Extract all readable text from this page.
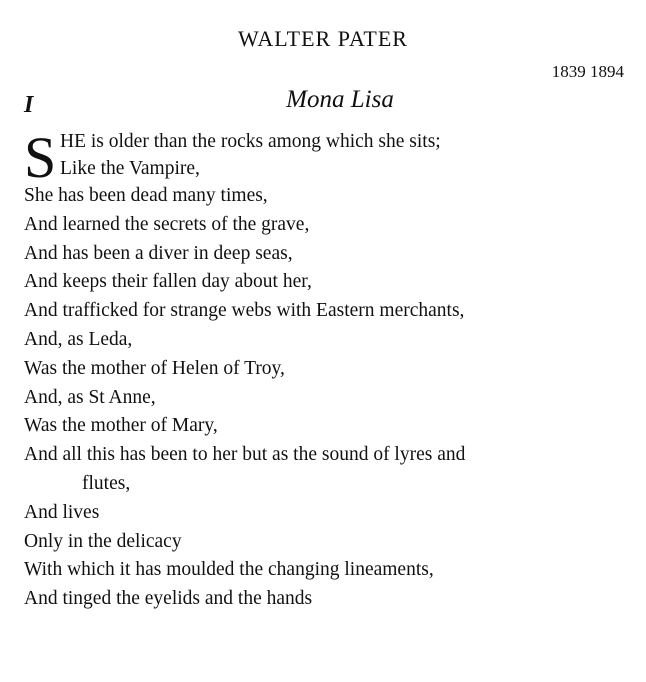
WALTER PATER
1839 1894
I	Mona Lisa
S HE is older than the rocks among which she sits;
Like the Vampire,
She has been dead many times,
And learned the secrets of the grave,
And has been a diver in deep seas,
And keeps their fallen day about her,
And trafficked for strange webs with Eastern merchants,
And, as Leda,
Was the mother of Helen of Troy,
And, as St Anne,
Was the mother of Mary,
And all this has been to her but as the sound of lyres and
flutes,
And lives
Only in the delicacy
With which it has moulded the changing lineaments,
And tinged the eyelids and the hands
